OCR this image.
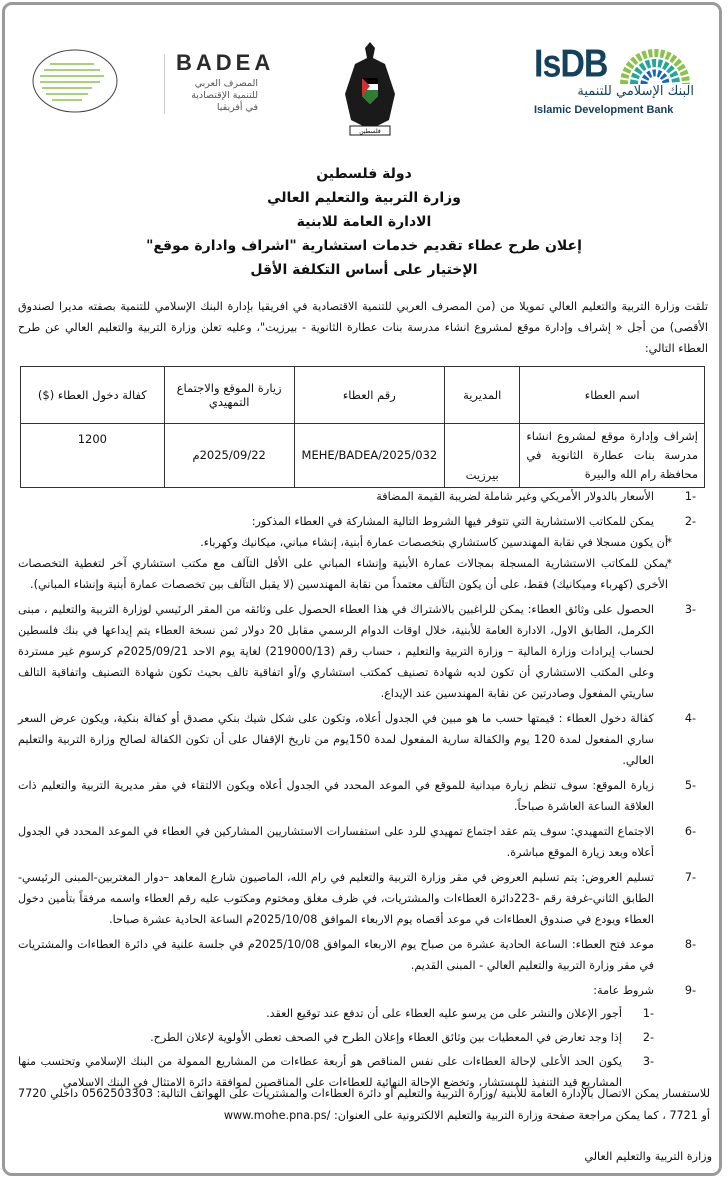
BADEA
المصرف العربي
للتنمية الإقتصادية
في أفريقيا
فلسطين
IsDB
البنك الإسلامي للتنمية
Islamic Development Bank
دولة فلسطين
وزارة التربية والتعليم العالي
الادارة العامة للابنية
إعلان طرح عطاء تقديم خدمات استشارية "اشراف وادارة موقع"
الإختيار على أساس التكلفة الأقل
تلقت وزارة التربية والتعليم العالي تمويلا من (من المصرف العربي للتنمية الاقتصادية في افريقيا بإدارة البنك الإسلامي للتنمية بصفته مديرا لصندوق الأقصى) من أجل « إشراف وإدارة موقع لمشروع انشاء مدرسة بنات عطارة الثانوية - بيرزيت"، وعليه تعلن وزارة التربية والتعليم العالي عن طرح العطاء التالي:
اسم العطاء	المديرية	رقم العطاء	زيارة الموقع والاجتماع التمهيدي	كفالة دخول العطاء ($)
إشراف وإدارة موقع لمشروع انشاء مدرسة بنات عطارة الثانوية في محافظة رام الله والبيرة	بيرزيت	MEHE/BADEA/2025/032	2025/09/22م	1200
1-
الأسعار بالدولار الأمريكي وغير شاملة لضريبة القيمة المضافة
2-
يمكن للمكاتب الاستشارية التي تتوفر فيها الشروط التالية المشاركة في العطاء المذكور:
*
أن يكون مسجلا في نقابة المهندسين كاستشاري بتخصصات عمارة أبنية، إنشاء مباني، ميكانيك وكهرباء.
*
يمكن للمكاتب الاستشارية المسجلة بمجالات عمارة الأبنية وإنشاء المباني على الأقل التآلف مع مكتب استشاري آخر لتغطية التخصصات الأخرى (كهرباء وميكانيك) فقط، على أن يكون التآلف معتمداً من نقابة المهندسين (لا يقبل التآلف بين تخصصات عمارة أبنية وإنشاء المباني).
3-
الحصول على وثائق العطاء: يمكن للراغبين بالاشتراك في هذا العطاء الحصول على وثائقه من المقر الرئيسي لوزارة التربية والتعليم ، مبنى الكرمل، الطابق الاول، الادارة العامة للأبنية، خلال اوقات الدوام الرسمي مقابل 20 دولار ثمن نسخة العطاء يتم إيداعها في بنك فلسطين لحساب إيرادات وزارة المالية – وزارة التربية والتعليم ، حساب رقم (219000/13) لغاية يوم الاحد 2025/09/21م كرسوم غير مستردة وعلى المكتب الاستشاري أن تكون لديه شهادة تصنيف كمكتب استشاري و/أو اتفاقية تالف بحيث تكون شهادة التصنيف واتفاقية التالف ساريتي المفعول وصادرتين عن نقابة المهندسين عند الإيداع.
4-
كفالة دخول العطاء : قيمتها حسب ما هو مبين في الجدول أعلاه، وتكون على شكل شيك بنكي مصدق أو كفالة بنكية، ويكون عرض السعر ساري المفعول لمدة 120 يوم والكفالة سارية المفعول لمدة 150يوم من تاريخ الإقفال على أن تكون الكفالة لصالح وزارة التربية والتعليم العالي.
5-
زيارة الموقع: سوف تنظم زيارة ميدانية للموقع في الموعد المحدد في الجدول أعلاه ويكون الالتقاء في مقر مديرية التربية والتعليم ذات العلاقة الساعة العاشرة صباحاً.
6-
الاجتماع التمهيدي: سوف يتم عقد اجتماع تمهيدي للرد على استفسارات الاستشاريين المشاركين في العطاء في الموعد المحدد في الجدول أعلاه وبعد زيارة الموقع مباشرة.
7-
تسليم العروض: يتم تسليم العروض في مقر وزارة التربية والتعليم في رام الله، الماصيون شارع المعاهد –دوار المغتربين-المبنى الرئيسي- الطابق الثاني-غرفة رقم -223دائرة العطاءات والمشتريات، في ظرف مغلق ومختوم ومكتوب عليه رقم العطاء واسمه مرفقاً بتأمين دخول العطاء ويودع في صندوق العطاءات في موعد أقصاه يوم الاربعاء الموافق 2025/10/08م الساعة الحادية عشرة صباحا.
8-
موعد فتح العطاء: الساعة الحادية عشرة من صباح يوم الاربعاء الموافق 2025/10/08م في جلسة علنية في دائرة العطاءات والمشتريات في مقر وزارة التربية والتعليم العالي - المبنى القديم.
9-
شروط عامة:
1-
أجور الإعلان والنشر على من يرسو عليه العطاء على أن تدفع عند توقيع العقد.
2-
إذا وجد تعارض في المعطيات بين وثائق العطاء وإعلان الطرح في الصحف تعطى الأولوية لإعلان الطرح.
3-
يكون الحد الأعلى لإحالة العطاءات على نفس المناقص هو أربعة عطاءات من المشاريع الممولة من البنك الإسلامي وتحتسب منها المشاريع قيد التنفيذ للمستشار، وتخضع الإحالة النهائية للعطاءات على المناقصين لموافقة دائرة الامتثال في البنك الاسلامي
للاستفسار يمكن الاتصال بالإدارة العامة للأبنية /وزارة التربية والتعليم أو دائرة العطاءات والمشتريات على الهواتف التالية: 0562503303 داخلي 7720 أو 7721 ، كما يمكن مراجعة صفحة وزارة التربية والتعليم الالكترونية على العنوان: www.mohe.pna.ps/
وزارة التربية والتعليم العالي
